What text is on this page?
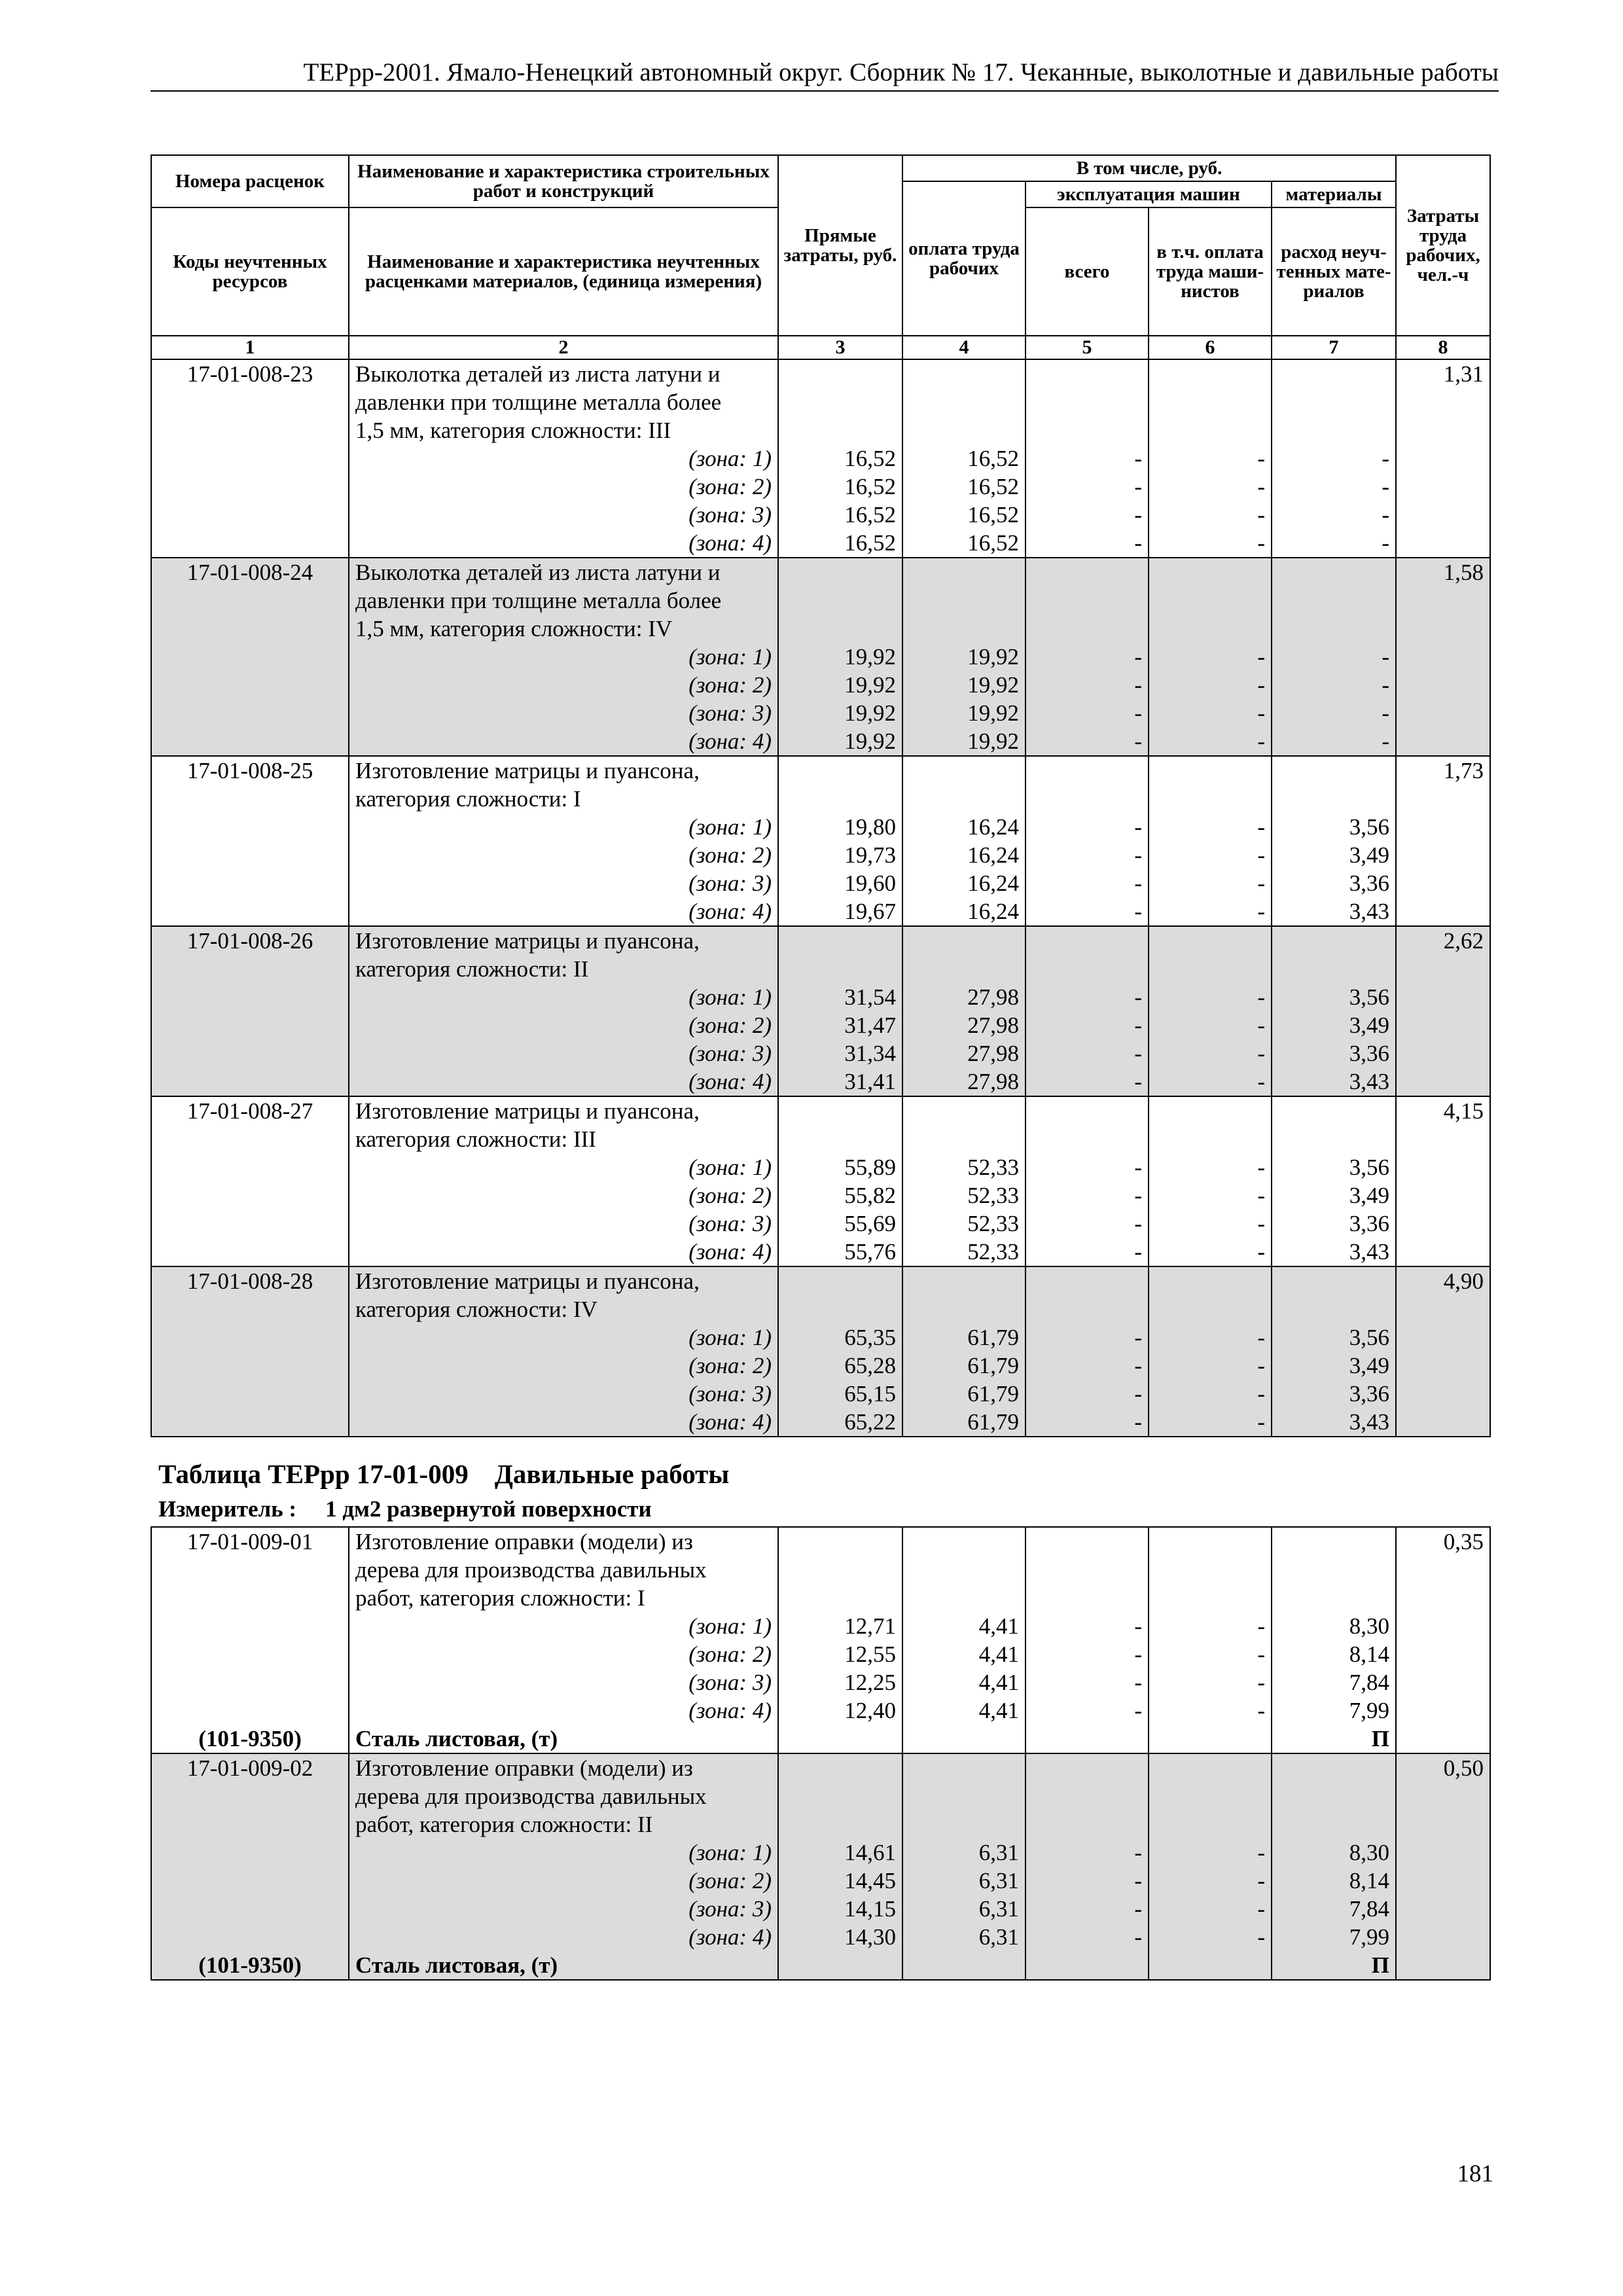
ТЕРрр-2001. Ямало-Ненецкий автономный округ. Сборник № 17. Чеканные, выколотные и давильные работы
Номера расценок	Наименование и характеристика строительных работ и конструкций	Прямые затраты, руб.	В том числе, руб.				Затраты труда рабочих, чел.-ч
			оплата труда рабочих	эксплуатация машин		материалы	
Коды неучтенных ресурсов	Наименование и характеристика неучтенных расценками материалов, (единица измерения)			всего	в т.ч. оплата труда маши-нистов	расход неуч-тенных мате-риалов	

1	2	3	4	5	6	7	8
17-01-008-23	Выколотка деталей из листа латуни и						1,31
	давленки при толщине металла более						
	1,5 мм, категория сложности: III						
	(зона: 1)	16,52	16,52	-	-	-	
	(зона: 2)	16,52	16,52	-	-	-	
	(зона: 3)	16,52	16,52	-	-	-	
	(зона: 4)	16,52	16,52	-	-	-	
17-01-008-24	Выколотка деталей из листа латуни и						1,58
	давленки при толщине металла более						
	1,5 мм, категория сложности: IV						
	(зона: 1)	19,92	19,92	-	-	-	
	(зона: 2)	19,92	19,92	-	-	-	
	(зона: 3)	19,92	19,92	-	-	-	
	(зона: 4)	19,92	19,92	-	-	-	
17-01-008-25	Изготовление матрицы и пуансона,						1,73
	категория сложности: I						
	(зона: 1)	19,80	16,24	-	-	3,56	
	(зона: 2)	19,73	16,24	-	-	3,49	
	(зона: 3)	19,60	16,24	-	-	3,36	
	(зона: 4)	19,67	16,24	-	-	3,43	
17-01-008-26	Изготовление матрицы и пуансона,						2,62
	категория сложности: II						
	(зона: 1)	31,54	27,98	-	-	3,56	
	(зона: 2)	31,47	27,98	-	-	3,49	
	(зона: 3)	31,34	27,98	-	-	3,36	
	(зона: 4)	31,41	27,98	-	-	3,43	
17-01-008-27	Изготовление матрицы и пуансона,						4,15
	категория сложности: III						
	(зона: 1)	55,89	52,33	-	-	3,56	
	(зона: 2)	55,82	52,33	-	-	3,49	
	(зона: 3)	55,69	52,33	-	-	3,36	
	(зона: 4)	55,76	52,33	-	-	3,43	
17-01-008-28	Изготовление матрицы и пуансона,						4,90
	категория сложности: IV						
	(зона: 1)	65,35	61,79	-	-	3,56	
	(зона: 2)	65,28	61,79	-	-	3,49	
	(зона: 3)	65,15	61,79	-	-	3,36	
	(зона: 4)	65,22	61,79	-	-	3,43	
Таблица ТЕРрр 17-01-009 Давильные работы
Измеритель : 1 дм2 развернутой поверхности
17-01-009-01	Изготовление оправки (модели) из						0,35
	дерева для производства давильных						
	работ, категория сложности: I						
	(зона: 1)	12,71	4,41	-	-	8,30	
	(зона: 2)	12,55	4,41	-	-	8,14	
	(зона: 3)	12,25	4,41	-	-	7,84	
	(зона: 4)	12,40	4,41	-	-	7,99	
(101-9350)	Сталь листовая, (т)					П	
17-01-009-02	Изготовление оправки (модели) из						0,50
	дерева для производства давильных						
	работ, категория сложности: II						
	(зона: 1)	14,61	6,31	-	-	8,30	
	(зона: 2)	14,45	6,31	-	-	8,14	
	(зона: 3)	14,15	6,31	-	-	7,84	
	(зона: 4)	14,30	6,31	-	-	7,99	
(101-9350)	Сталь листовая, (т)					П	
181
